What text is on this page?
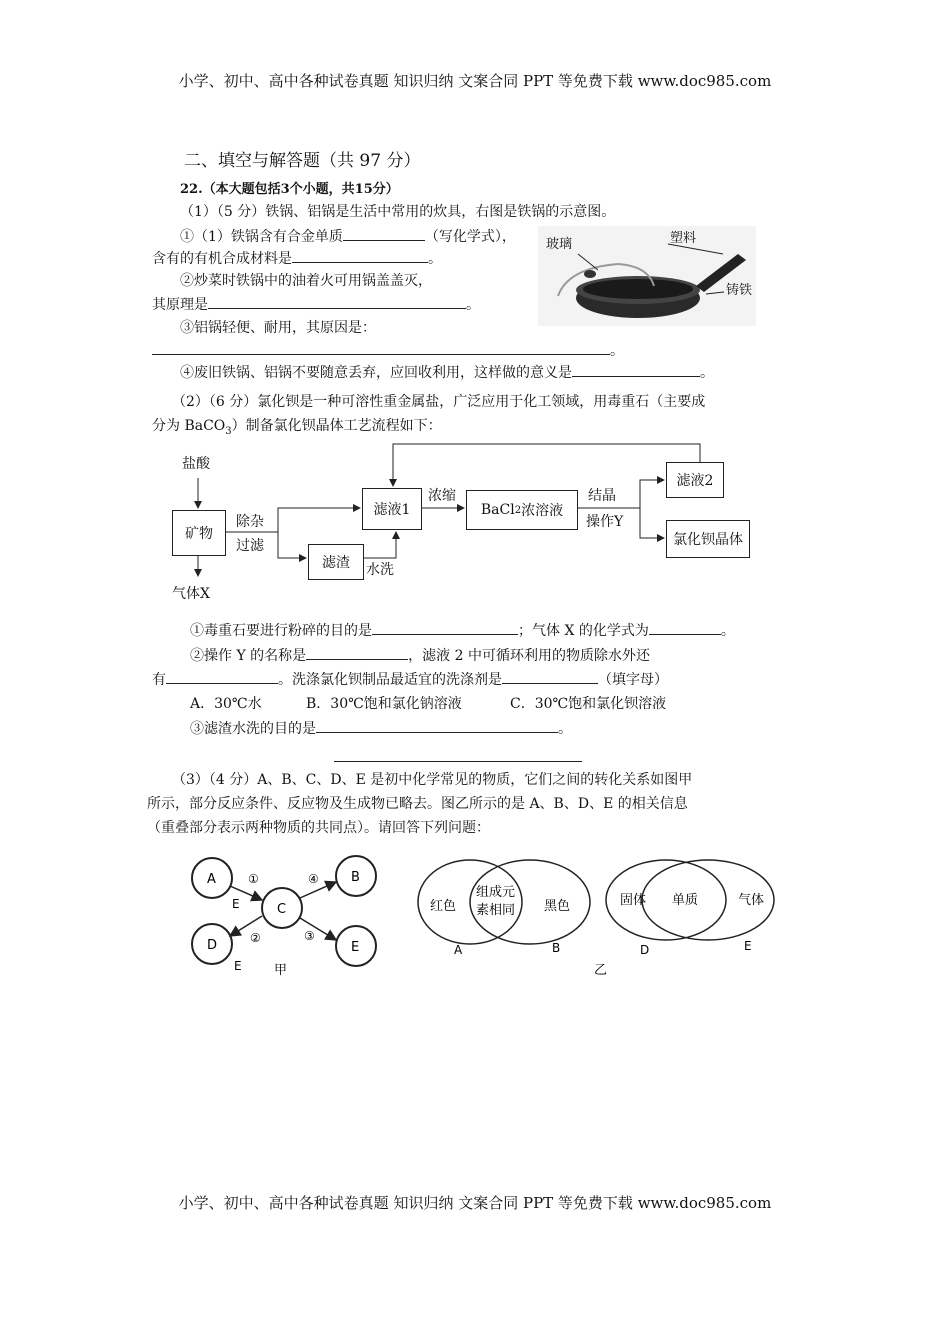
小学、初中、高中各种试卷真题 知识归纳 文案合同 PPT 等免费下载 www.doc985.com
二、填空与解答题（共 97 分）
22.（本大题包括3个小题，共15分）
（1）（5 分）铁锅、铝锅是生活中常用的炊具，右图是铁锅的示意图。
①（1）铁锅含有合金单质	（写化学式），
含有的有机合成材料是	。
②炒菜时铁锅中的油着火可用锅盖盖灭，
其原理是	。
③铝锅轻便、耐用，其原因是：
。
④废旧铁锅、铝锅不要随意丢弃，应回收利用，这样做的意义是	。
玻璃	塑料
铸铁
（2）（6 分）氯化钡是一种可溶性重金属盐，广泛应用于化工领域，用毒重石（主要成
分为 BaCO$_3$）制备氯化钡晶体工艺流程如下：
盐酸
矿物
气体X
除杂
过滤
滤液1
滤渣	水洗
浓缩
BaCl 2 浓溶液
结晶
操作Y
滤液2
氯化钡晶体
①毒重石要进行粉碎的目的是	；气体 X 的化学式为	。
②操作 Y 的名称是	，滤液 2 中可循环利用的物质除水外还
有	。洗涤氯化钡制品最适宜的洗涤剂是	（填字母）
A．30℃水	B．30℃饱和氯化钠溶液	C．30℃饱和氯化钡溶液
③滤渣水洗的目的是	。
（3）（4 分）A、B、C、D、E 是初中化学常见的物质，它们之间的转化关系如图甲
所示，部分反应条件、反应物及生成物已略去。图乙所示的是 A、B、D、E 的相关信息
（重叠部分表示两种物质的共同点）。请回答下列问题：
A
C
B
D	E
①
E
②
E
④
③
甲
红色
组成元
素相同 黑色
A	B
固体 单质	气体
D	E
乙
小学、初中、高中各种试卷真题 知识归纳 文案合同 PPT 等免费下载 www.doc985.com
